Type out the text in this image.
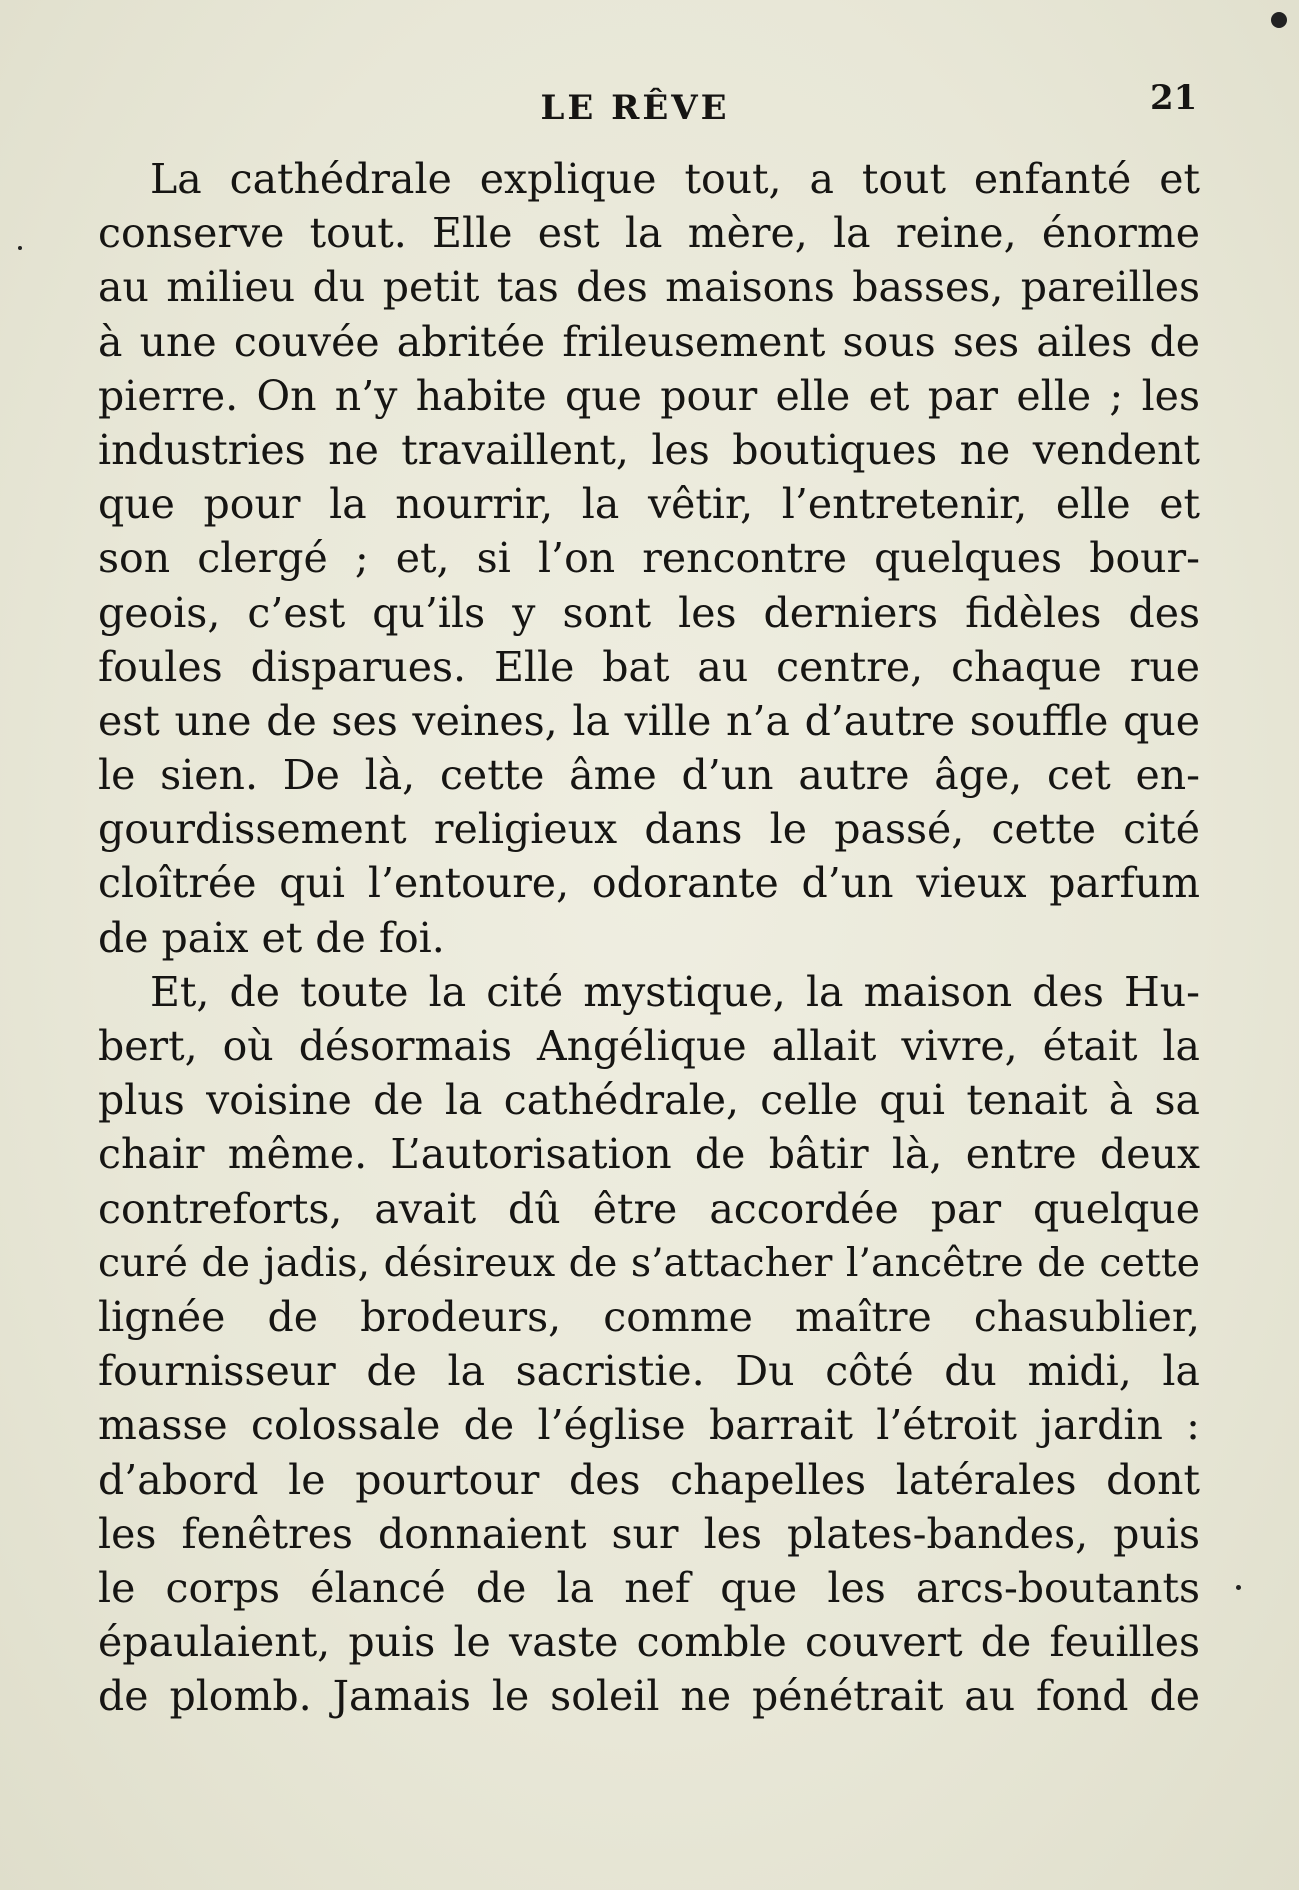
LE RÊVE	21
La cathédrale explique tout, a tout enfanté et
conserve tout. Elle est la mère, la reine, énorme
au milieu du petit tas des maisons basses, pareilles
à une couvée abritée frileusement sous ses ailes de
pierre. On n’y habite que pour elle et par elle ; les
industries ne travaillent, les boutiques ne vendent
que pour la nourrir, la vêtir, l’entretenir, elle et
son clergé ; et, si l’on rencontre quelques bour-
geois, c’est qu’ils y sont les derniers fidèles des
foules disparues. Elle bat au centre, chaque rue
est une de ses veines, la ville n’a d’autre souffle que
le sien. De là, cette âme d’un autre âge, cet en-
gourdissement religieux dans le passé, cette cité
cloîtrée qui l’entoure, odorante d’un vieux parfum
de paix et de foi.
Et, de toute la cité mystique, la maison des Hu-
bert, où désormais Angélique allait vivre, était la
plus voisine de la cathédrale, celle qui tenait à sa
chair même. L’autorisation de bâtir là, entre deux
contreforts, avait dû être accordée par quelque
curé de jadis, désireux de s’attacher l’ancêtre de cette
lignée de brodeurs, comme maître chasublier,
fournisseur de la sacristie. Du côté du midi, la
masse colossale de l’église barrait l’étroit jardin :
d’abord le pourtour des chapelles latérales dont
les fenêtres donnaient sur les plates-bandes, puis
le corps élancé de la nef que les arcs-boutants
épaulaient, puis le vaste comble couvert de feuilles
de plomb. Jamais le soleil ne pénétrait au fond de
